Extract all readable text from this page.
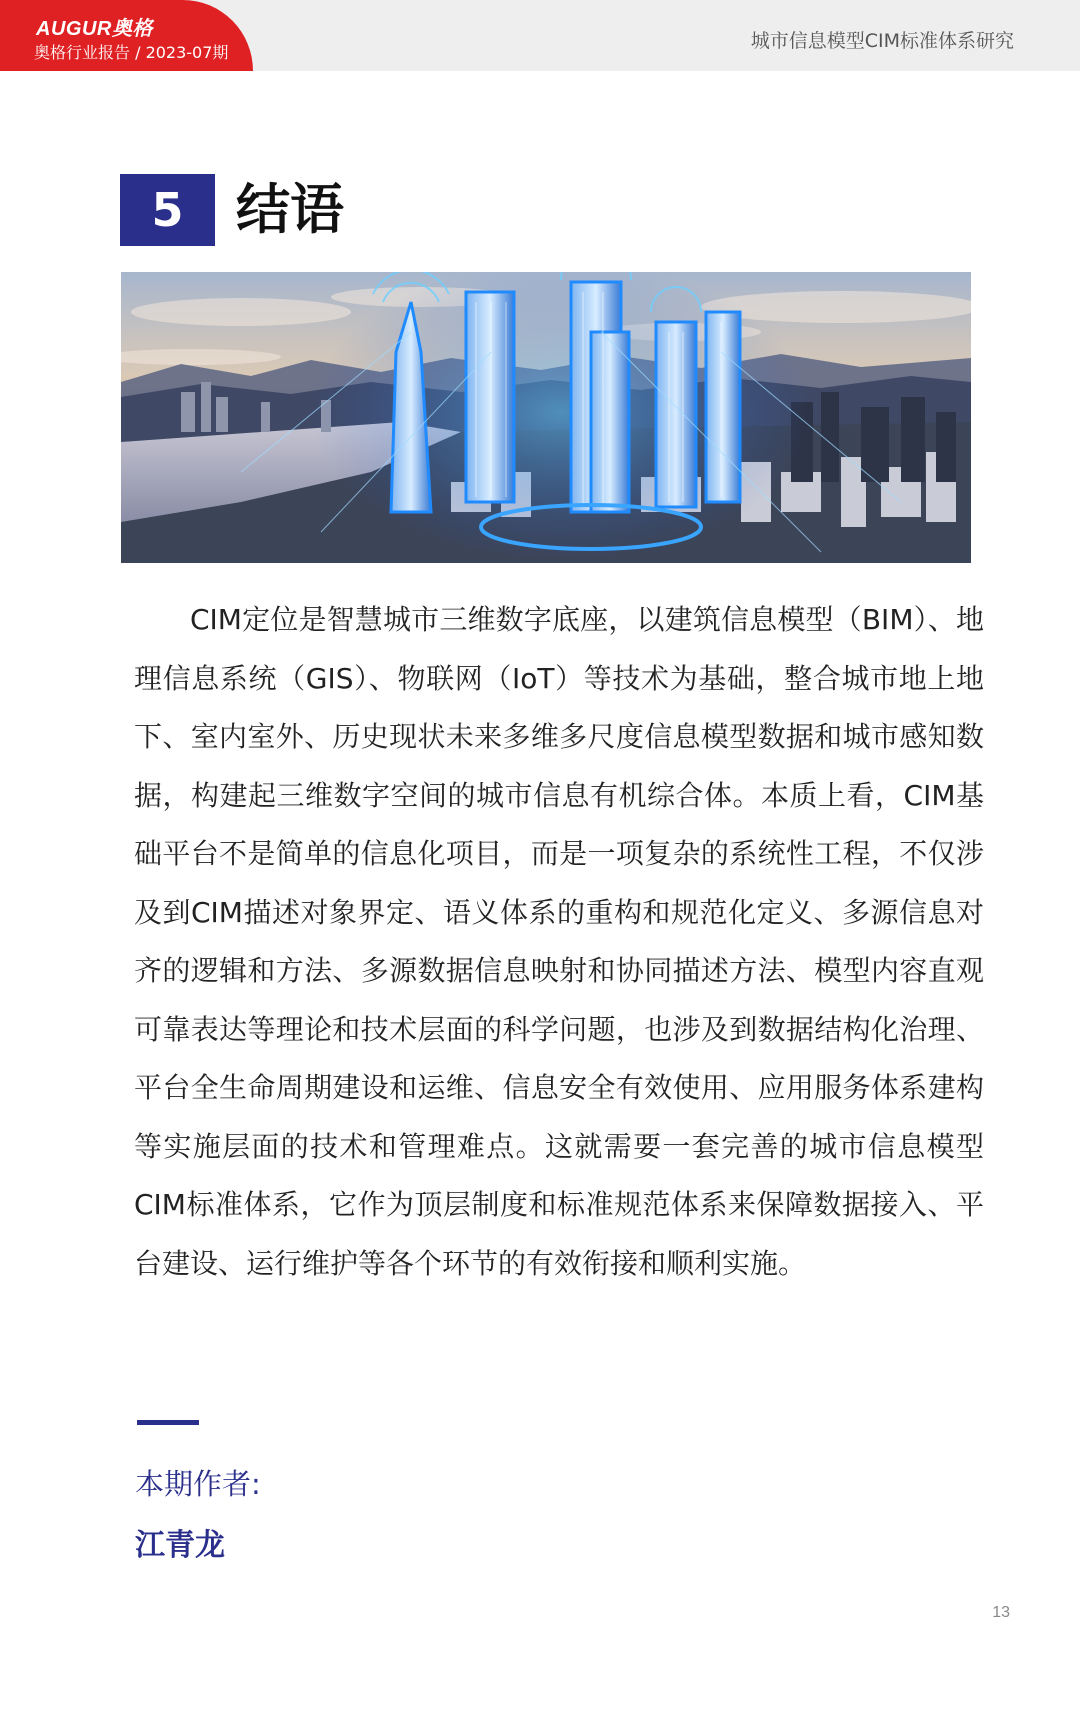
AUGUR奥格
奥格行业报告 / 2023-07期
城市信息模型CIM标准体系研究
5 结语

CIM定位是智慧城市三维数字底座，以建筑信息模型（BIM）、地理信息系统（GIS）、物联网（IoT）等技术为基础，整合城市地上地下、室内室外、历史现状未来多维多尺度信息模型数据和城市感知数据，构建起三维数字空间的城市信息有机综合体。本质上看，CIM基础平台不是简单的信息化项目，而是一项复杂的系统性工程，不仅涉及到CIM描述对象界定、语义体系的重构和规范化定义、多源信息对齐的逻辑和方法、多源数据信息映射和协同描述方法、模型内容直观可靠表达等理论和技术层面的科学问题，也涉及到数据结构化治理、平台全生命周期建设和运维、信息安全有效使用、应用服务体系建构等实施层面的技术和管理难点。这就需要一套完善的城市信息模型CIM标准体系，它作为顶层制度和标准规范体系来保障数据接入、平台建设、运行维护等各个环节的有效衔接和顺利实施。

本期作者:
江青龙
13
